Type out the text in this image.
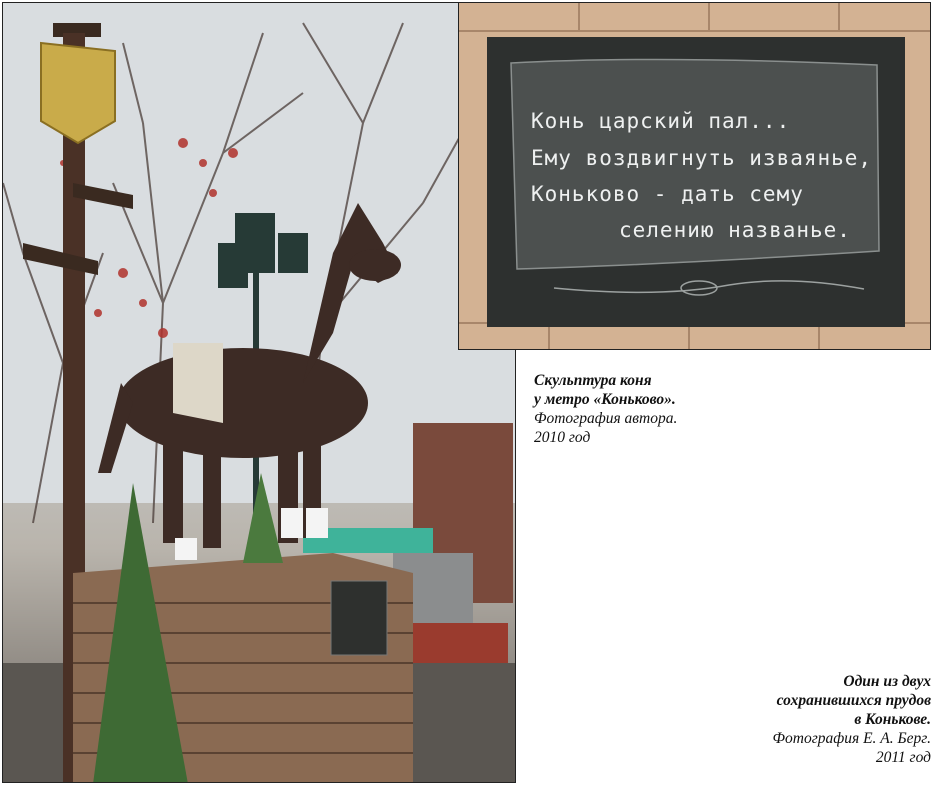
Конь царский пал...
Ему воздвигнуть изваянье,
Коньково - дать сему
селению названье.
Скульптура коня
у метро «Коньково».
Фотография автора.
2010 год
Один из двух
сохранившихся прудов
в Конькове.
Фотография Е. А. Берг.
2011 год
